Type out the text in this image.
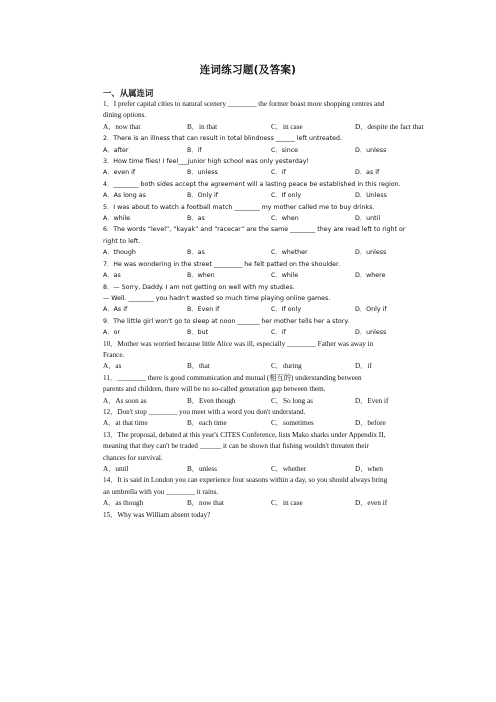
连词练习题(及答案)
一、从属连词
1．I prefer capital cities to natural scenery ________ the former boast more shopping centres and
dining options.
A．now that	B．in that	C．in case	D．despite the fact that
2．There is an illness that can result in total blindness ______ left untreated.
A．after	B．if	C．since	D．unless
3．How time flies! I feel___junior high school was only yesterday!
A．even if	B．unless	C．if	D．as if
4．________ both sides accept the agreement will a lasting peace be established in this region.
A．As long as	B．Only if	C．If only	D．Unless
5．I was about to watch a football match ________ my mother called me to buy drinks.
A．while	B．as	C．when	D．until
6．The words “level”, “kayak” and “racecar” are the same ________ they are read left to right or
right to left.
A．though	B．as	C．whether	D．unless
7．He was wondering in the street _________ he felt patted on the shoulder.
A．as	B．when	C．while	D．where
8．— Sorry, Daddy. I am not getting on well with my studies.
— Well. ________ you hadn't wasted so much time playing online games.
A．As if	B．Even if	C．If only	D．Only if
9．The little girl won't go to sleep at noon _______ her mother tells her a story.
A．or	B．but	C．if	D．unless
10．Mother was worried because little Alice was ill, especially ________ Father was away in
France.
A．as	B．that	C．during	D．if
11．________ there is good communication and mutual (相互的) understanding between
parents and children, there will be no so-called generation gap between them.
A．As soon as	B．Even though	C．So long as	D．Even if
12．Don't stop ________ you meet with a word you don't understand.
A．at that time	B．each time	C．sometimes	D．before
13．The proposal, debated at this year's CITES Conference, lists Mako sharks under Appendix II,
meaning that they can't be traded ______ it can be shown that fishing wouldn't threaten their
chances for survival.
A．until	B．unless	C．whether	D．when
14．It is said in London you can experience four seasons within a day, so you should always bring
an umbrella with you ________ it rains.
A．as though	B．now that	C．in case	D．even if
15．Why was William absent today?
